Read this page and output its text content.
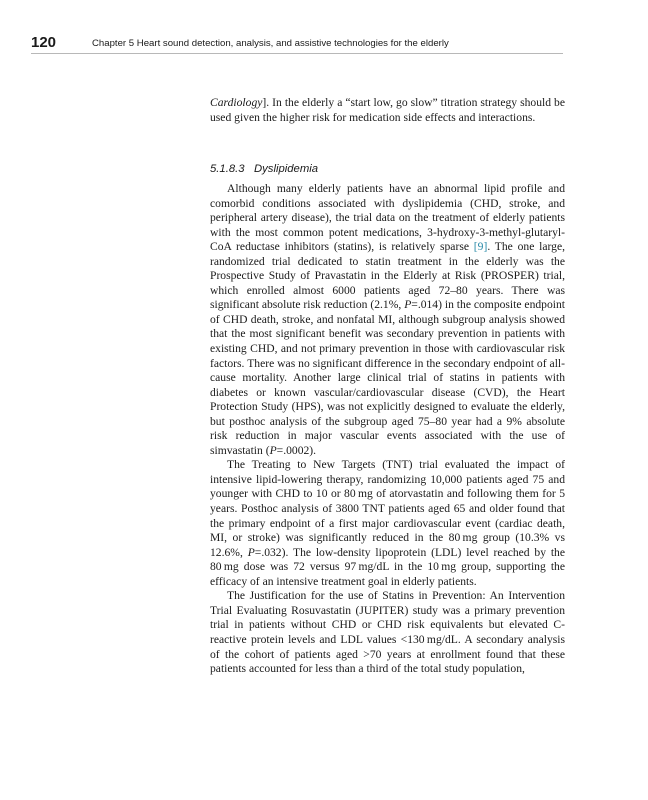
120	Chapter 5 Heart sound detection, analysis, and assistive technologies for the elderly

Cardiology]. In the elderly a “start low, go slow” titration strategy should be used given the higher risk for medication side effects and interactions.

5.1.8.3 Dyslipidemia

Although many elderly patients have an abnormal lipid profile and comorbid conditions associated with dyslipidemia (CHD, stroke, and peripheral artery disease), the trial data on the treatment of elderly patients with the most common potent medications, 3-hydroxy-3-methyl-glutaryl-CoA reductase inhibitors (statins), is relatively sparse [9]. The one large, randomized trial dedicated to statin treatment in the elderly was the Prospective Study of Pravastatin in the Elderly at Risk (PROSPER) trial, which enrolled almost 6000 patients aged 72–80 years. There was significant absolute risk reduction (2.1%, P=.014) in the composite endpoint of CHD death, stroke, and nonfatal MI, although subgroup analysis showed that the most significant benefit was secondary prevention in patients with existing CHD, and not primary prevention in those with cardiovascular risk factors. There was no significant difference in the secondary endpoint of all-cause mortality. Another large clinical trial of statins in patients with diabetes or known vascular/cardiovascular disease (CVD), the Heart Protection Study (HPS), was not explicitly designed to evaluate the elderly, but posthoc analysis of the subgroup aged 75–80 year had a 9% absolute risk reduction in major vascular events associated with the use of simvastatin (P=.0002).

The Treating to New Targets (TNT) trial evaluated the impact of intensive lipid-lowering therapy, randomizing 10,000 patients aged 75 and younger with CHD to 10 or 80 mg of atorvastatin and following them for 5 years. Posthoc analysis of 3800 TNT patients aged 65 and older found that the primary endpoint of a first major cardiovascular event (cardiac death, MI, or stroke) was significantly reduced in the 80 mg group (10.3% vs 12.6%, P=.032). The low-density lipoprotein (LDL) level reached by the 80 mg dose was 72 versus 97 mg/dL in the 10 mg group, supporting the efficacy of an intensive treatment goal in elderly patients.

The Justification for the use of Statins in Prevention: An Intervention Trial Evaluating Rosuvastatin (JUPITER) study was a primary prevention trial in patients without CHD or CHD risk equivalents but elevated C-reactive protein levels and LDL values <130 mg/dL. A secondary analysis of the cohort of patients aged >70 years at enrollment found that these patients accounted for less than a third of the total study population,
